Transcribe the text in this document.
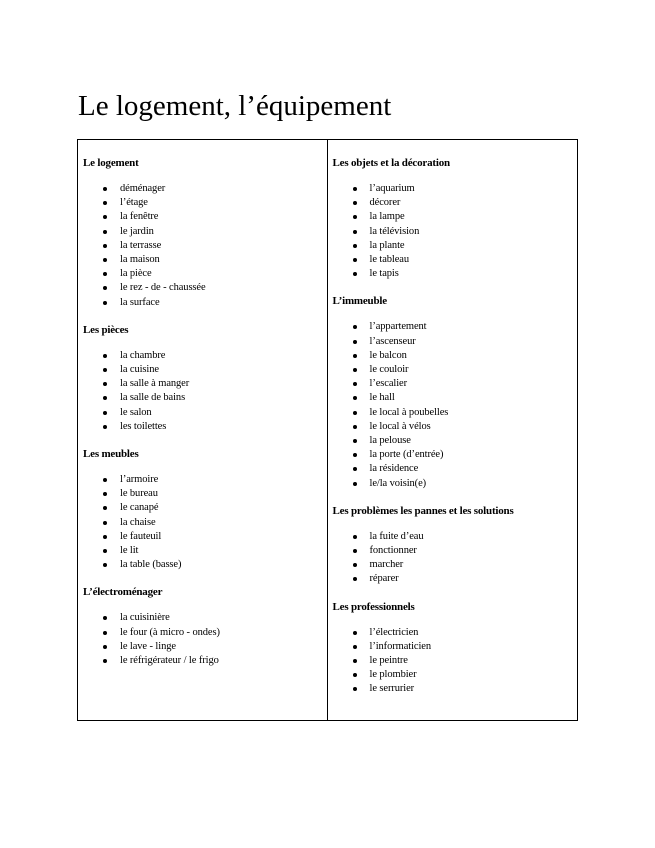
Le logement, l’équipement
Le logement
déménager
l’étage
la fenêtre
le jardin
la terrasse
la maison
la pièce
le rez - de - chaussée
la surface
Les pièces
la chambre
la cuisine
la salle à manger
la salle de bains
le salon
les toilettes
Les meubles
l’armoire
le bureau
le canapé
la chaise
le fauteuil
le lit
la table (basse)
L’électroménager
la cuisinière
le four (à micro - ondes)
le lave - linge
le réfrigérateur / le frigo
Les objets et la décoration
l’aquarium
décorer
la lampe
la télévision
la plante
le tableau
le tapis
L’immeuble
l’appartement
l’ascenseur
le balcon
le couloir
l’escalier
le hall
le local à poubelles
le local à vélos
la pelouse
la porte (d’entrée)
la résidence
le/la voisin(e)
Les problèmes les pannes et les solutions
la fuite d’eau
fonctionner
marcher
réparer
Les professionnels
l’électricien
l’informaticien
le peintre
le plombier
le serrurier
